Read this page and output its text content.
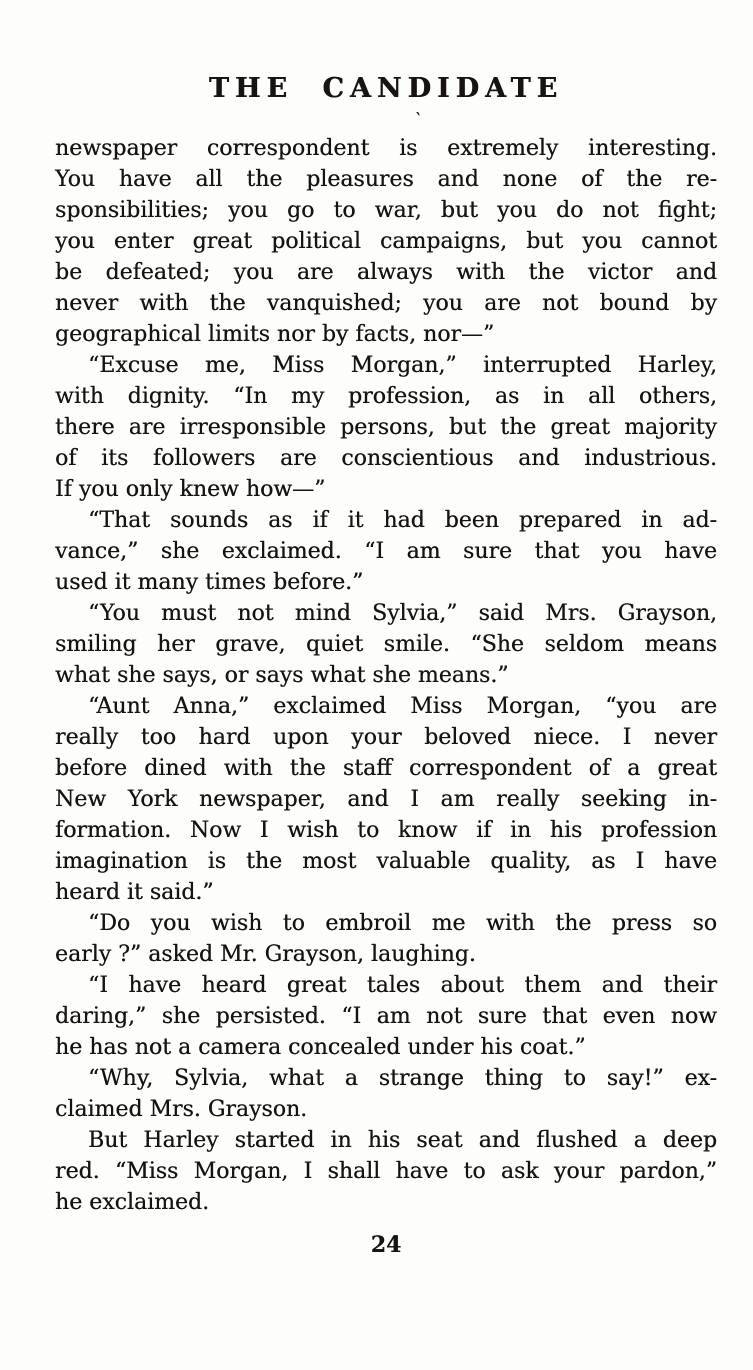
THE CANDIDATE
ˋ
newspaper correspondent is extremely interesting.
You have all the pleasures and none of the re-
sponsibilities; you go to war, but you do not fight;
you enter great political campaigns, but you cannot
be defeated; you are always with the victor and
never with the vanquished; you are not bound by
geographical limits nor by facts, nor—”
“Excuse me, Miss Morgan,” interrupted Harley,
with dignity. “In my profession, as in all others,
there are irresponsible persons, but the great majority
of its followers are conscientious and industrious.
If you only knew how—”
“That sounds as if it had been prepared in ad-
vance,” she exclaimed. “I am sure that you have
used it many times before.”
“You must not mind Sylvia,” said Mrs. Grayson,
smiling her grave, quiet smile. “She seldom means
what she says, or says what she means.”
“Aunt Anna,” exclaimed Miss Morgan, “you are
really too hard upon your beloved niece. I never
before dined with the staff correspondent of a great
New York newspaper, and I am really seeking in-
formation. Now I wish to know if in his profession
imagination is the most valuable quality, as I have
heard it said.”
“Do you wish to embroil me with the press so
early ?” asked Mr. Grayson, laughing.
“I have heard great tales about them and their
daring,” she persisted. “I am not sure that even now
he has not a camera concealed under his coat.”
“Why, Sylvia, what a strange thing to say!” ex-
claimed Mrs. Grayson.
But Harley started in his seat and flushed a deep
red. “Miss Morgan, I shall have to ask your pardon,”
he exclaimed.
24
